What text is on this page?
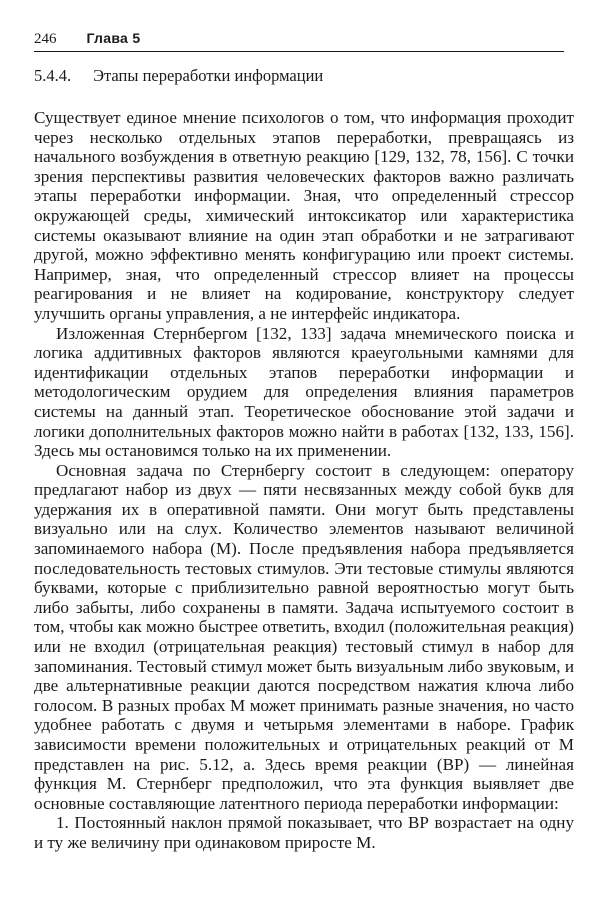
246 Глава 5
5.4.4. Этапы переработки информации

Существует единое мнение психологов о том, что информация проходит через несколько отдельных этапов переработки, превращаясь из начального возбуждения в ответную реакцию [129, 132, 78, 156]. С точки зрения перспективы развития человеческих факторов важно различать этапы переработки информации. Зная, что определенный стрессор окружающей среды, химический интоксикатор или характеристика системы оказывают влияние на один этап обработки и не затрагивают другой, можно эффективно менять конфигурацию или проект системы. Например, зная, что определенный стрессор влияет на процессы реагирования и не влияет на кодирование, конструктору следует улучшить органы управления, а не интерфейс индикатора.

Изложенная Стернбергом [132, 133] задача мнемического поиска и логика аддитивных факторов являются краеугольными камнями для идентификации отдельных этапов переработки информации и методологическим орудием для определения влияния параметров системы на данный этап. Теоретическое обоснование этой задачи и логики дополнительных факторов можно найти в работах [132, 133, 156]. Здесь мы остановимся только на их применении.

Основная задача по Стернбергу состоит в следующем: оператору предлагают набор из двух — пяти несвязанных между собой букв для удержания их в оперативной памяти. Они могут быть представлены визуально или на слух. Количество элементов называют величиной запоминаемого набора (М). После предъявления набора предъявляется последовательность тестовых стимулов. Эти тестовые стимулы являются буквами, которые с приблизительно равной вероятностью могут быть либо забыты, либо сохранены в памяти. Задача испытуемого состоит в том, чтобы как можно быстрее ответить, входил (положительная реакция) или не входил (отрицательная реакция) тестовый стимул в набор для запоминания. Тестовый стимул может быть визуальным либо звуковым, и две альтернативные реакции даются посредством нажатия ключа либо голосом. В разных пробах М может принимать разные значения, но часто удобнее работать с двумя и четырьмя элементами в наборе. График зависимости времени положительных и отрицательных реакций от М представлен на рис. 5.12, а. Здесь время реакции (ВР) — линейная функция М. Стернберг предположил, что эта функция выявляет две основные составляющие латентного периода переработки информации:

1. Постоянный наклон прямой показывает, что ВР возрастает на одну и ту же величину при одинаковом приросте М.
